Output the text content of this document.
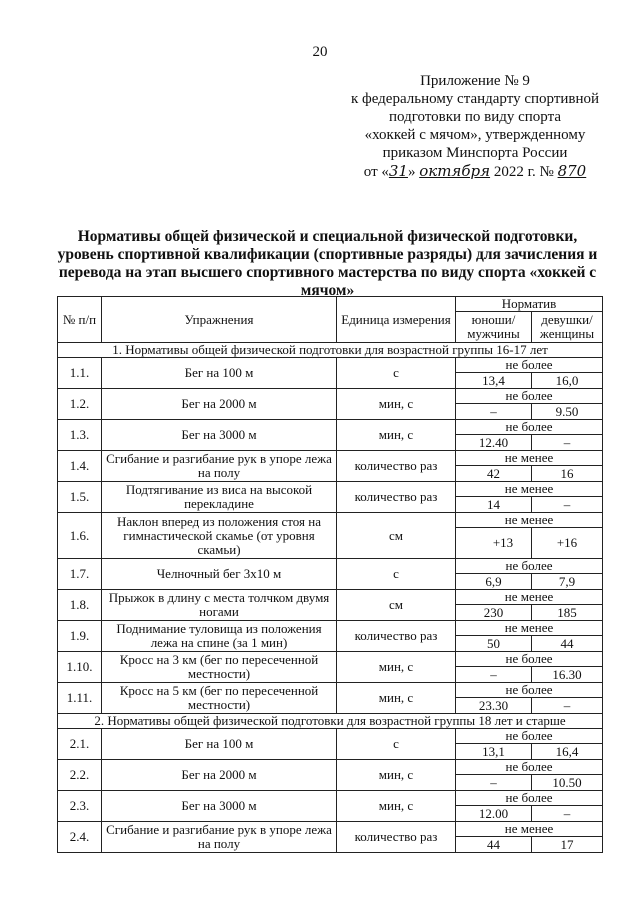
20
Приложение № 9
к федеральному стандарту спортивной
подготовки по виду спорта
«хоккей с мячом», утвержденному
приказом Минспорта России
от «31» октября 2022 г. № 870
Нормативы общей физической и специальной физической подготовки, уровень спортивной квалификации (спортивные разряды) для зачисления и перевода на этап высшего спортивного мастерства по виду спорта «хоккей с мячом»
№ п/п	Упражнения	Единица измерения	Норматив	
			юноши/ мужчины	девушки/ женщины
1. Нормативы общей физической подготовки для возрастной группы 16-17 лет				
1.1.	Бег на 100 м	с	не более	
			13,4	16,0
1.2.	Бег на 2000 м	мин, с	не более	
			–	9.50
1.3.	Бег на 3000 м	мин, с	не более	
			12.40	–
1.4.	Сгибание и разгибание рук в упоре лежа на полу	количество раз	не менее	
			42	16
1.5.	Подтягивание из виса на высокой перекладине	количество раз	не менее	
			14	–
1.6.	Наклон вперед из положения стоя на гимнастической скамье (от уровня скамьи)	см	не менее	
			+13	+16
1.7.	Челночный бег 3х10 м	с	не более	
			6,9	7,9
1.8.	Прыжок в длину с места толчком двумя ногами	см	не менее	
			230	185
1.9.	Поднимание туловища из положения лежа на спине (за 1 мин)	количество раз	не менее	
			50	44
1.10.	Кросс на 3 км (бег по пересеченной местности)	мин, с	не более	
			–	16.30
1.11.	Кросс на 5 км (бег по пересеченной местности)	мин, с	не более	
			23.30	–
2. Нормативы общей физической подготовки для возрастной группы 18 лет и старше				
2.1.	Бег на 100 м	с	не более	
			13,1	16,4
2.2.	Бег на 2000 м	мин, с	не более	
			–	10.50
2.3.	Бег на 3000 м	мин, с	не более	
			12.00	–
2.4.	Сгибание и разгибание рук в упоре лежа на полу	количество раз	не менее	
			44	17
